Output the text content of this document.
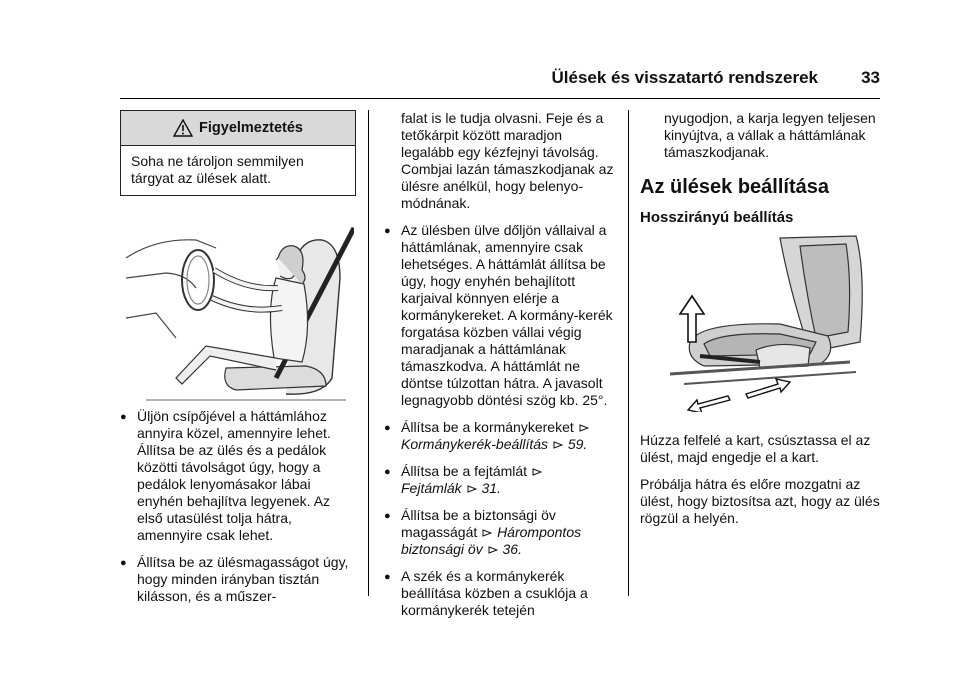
Ülések és visszatartó rendszerek	33
Figyelmeztetés
Soha ne tároljon semmilyen tárgyat az ülések alatt.
● Üljön csípőjével a háttámlához annyira közel, amennyire lehet. Állítsa be az ülés és a pedálok közötti távolságot úgy, hogy a pedálok lenyomásakor lábai enyhén behajlítva legyenek. Az első utasülést tolja hátra, amennyire csak lehet.
● Állítsa be az ülésmagasságot úgy, hogy minden irányban tisztán kilásson, és a műszer-

falat is le tudja olvasni. Feje és a tetőkárpit között maradjon legalább egy kézfejnyi távolság. Combjai lazán támaszkodjanak az ülésre anélkül, hogy belenyo-módnának.

● Az ülésben ülve dőljön vállaival a háttámlának, amennyire csak lehetséges. A háttámlát állítsa be úgy, hogy enyhén behajlított karjaival könnyen elérje a kormánykereket. A kormány-kerék forgatása közben vállai végig maradjanak a háttámlának támaszkodva. A háttámlát ne döntse túlzottan hátra. A javasolt legnagyobb döntési szög kb. 25°.
● Állítsa be a kormánykereket
Kormánykerék-beállítás 59.
● Állítsa be a fejtámlát
Fejtámlák 31.
● Állítsa be a biztonsági öv magasságát Hárompontos biztonsági öv 36.
● A szék és a kormánykerék beállítása közben a csuklója a kormánykerék tetején

nyugodjon, a karja legyen teljesen kinyújtva, a vállak a háttámlának támaszkodjanak.

Az ülések beállítása
Hosszirányú beállítás

Húzza felfelé a kart, csúsztassa el az ülést, majd engedje el a kart.

Próbálja hátra és előre mozgatni az ülést, hogy biztosítsa azt, hogy az ülés rögzül a helyén.
